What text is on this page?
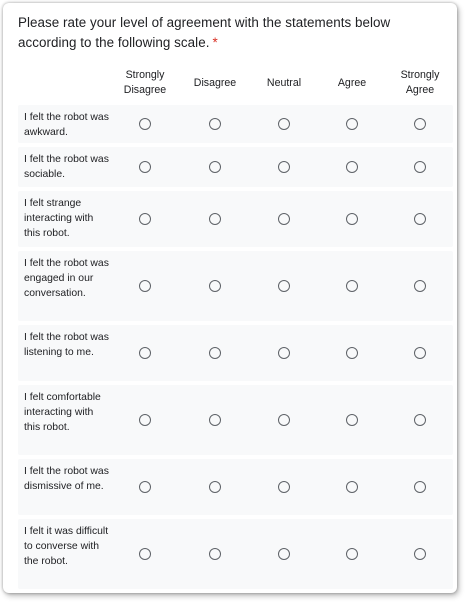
Please rate your level of agreement with the statements below according to the following scale. *
Strongly Disagree
Disagree	Neutral	Agree
Strongly Agree
I felt the robot was awkward.
I felt the robot was sociable.
I felt strange interacting with this robot.
I felt the robot was engaged in our conversation.
I felt the robot was listening to me.
I felt comfortable interacting with this robot.
I felt the robot was dismissive of me.
I felt it was difficult to converse with the robot.
